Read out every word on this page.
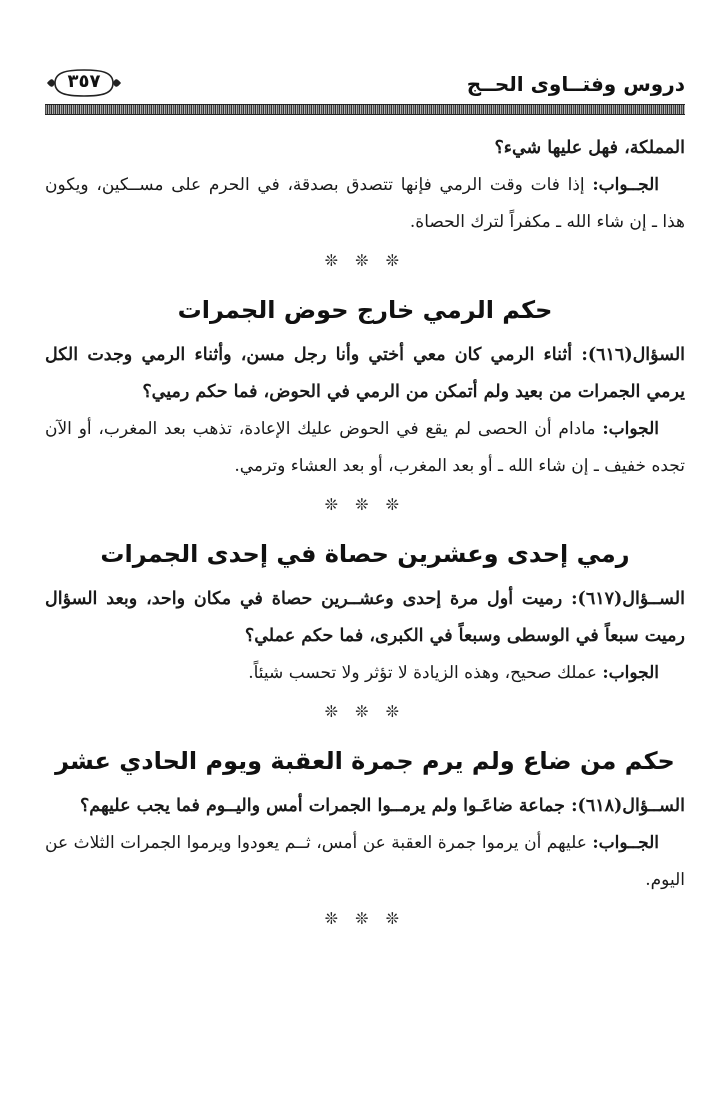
دروس وفتــاوى الحــج
٣٥٧

المملكة، فهل عليها شيء؟

الجــواب: إذا فات وقت الرمي فإنها تتصدق بصدقة، في الحرم على مســكين، ويكون هذا ـ إن شاء الله ـ مكفراً لترك الحصاة.

❊ ❊ ❊
حكم الرمي خارج حوض الجمرات

السؤال(٦١٦): أثناء الرمي كان معي أختي وأنا رجل مسن، وأثناء الرمي وجدت الكل يرمي الجمرات من بعيد ولم أتمكن من الرمي في الحوض، فما حكم رميي؟

الجواب: مادام أن الحصى لم يقع في الحوض عليك الإعادة، تذهب بعد المغرب، أو الآن تجده خفيف ـ إن شاء الله ـ أو بعد المغرب، أو بعد العشاء وترمي.

❊ ❊ ❊
رمي إحدى وعشرين حصاة في إحدى الجمرات

الســؤال(٦١٧): رميت أول مرة إحدى وعشــرين حصاة في مكان واحد، وبعد السؤال رميت سبعاً في الوسطى وسبعاً في الكبرى، فما حكم عملي؟

الجواب: عملك صحيح، وهذه الزيادة لا تؤثر ولا تحسب شيئاً.

❊ ❊ ❊
حكم من ضاع ولم يرم جمرة العقبة ويوم الحادي عشر

الســؤال(٦١٨): جماعة ضاعَـوا ولم يرمــوا الجمرات أمس واليــوم فما يجب عليهم؟

الجــواب: عليهم أن يرموا جمرة العقبة عن أمس، ثــم يعودوا ويرموا الجمرات الثلاث عن اليوم.

❊ ❊ ❊
